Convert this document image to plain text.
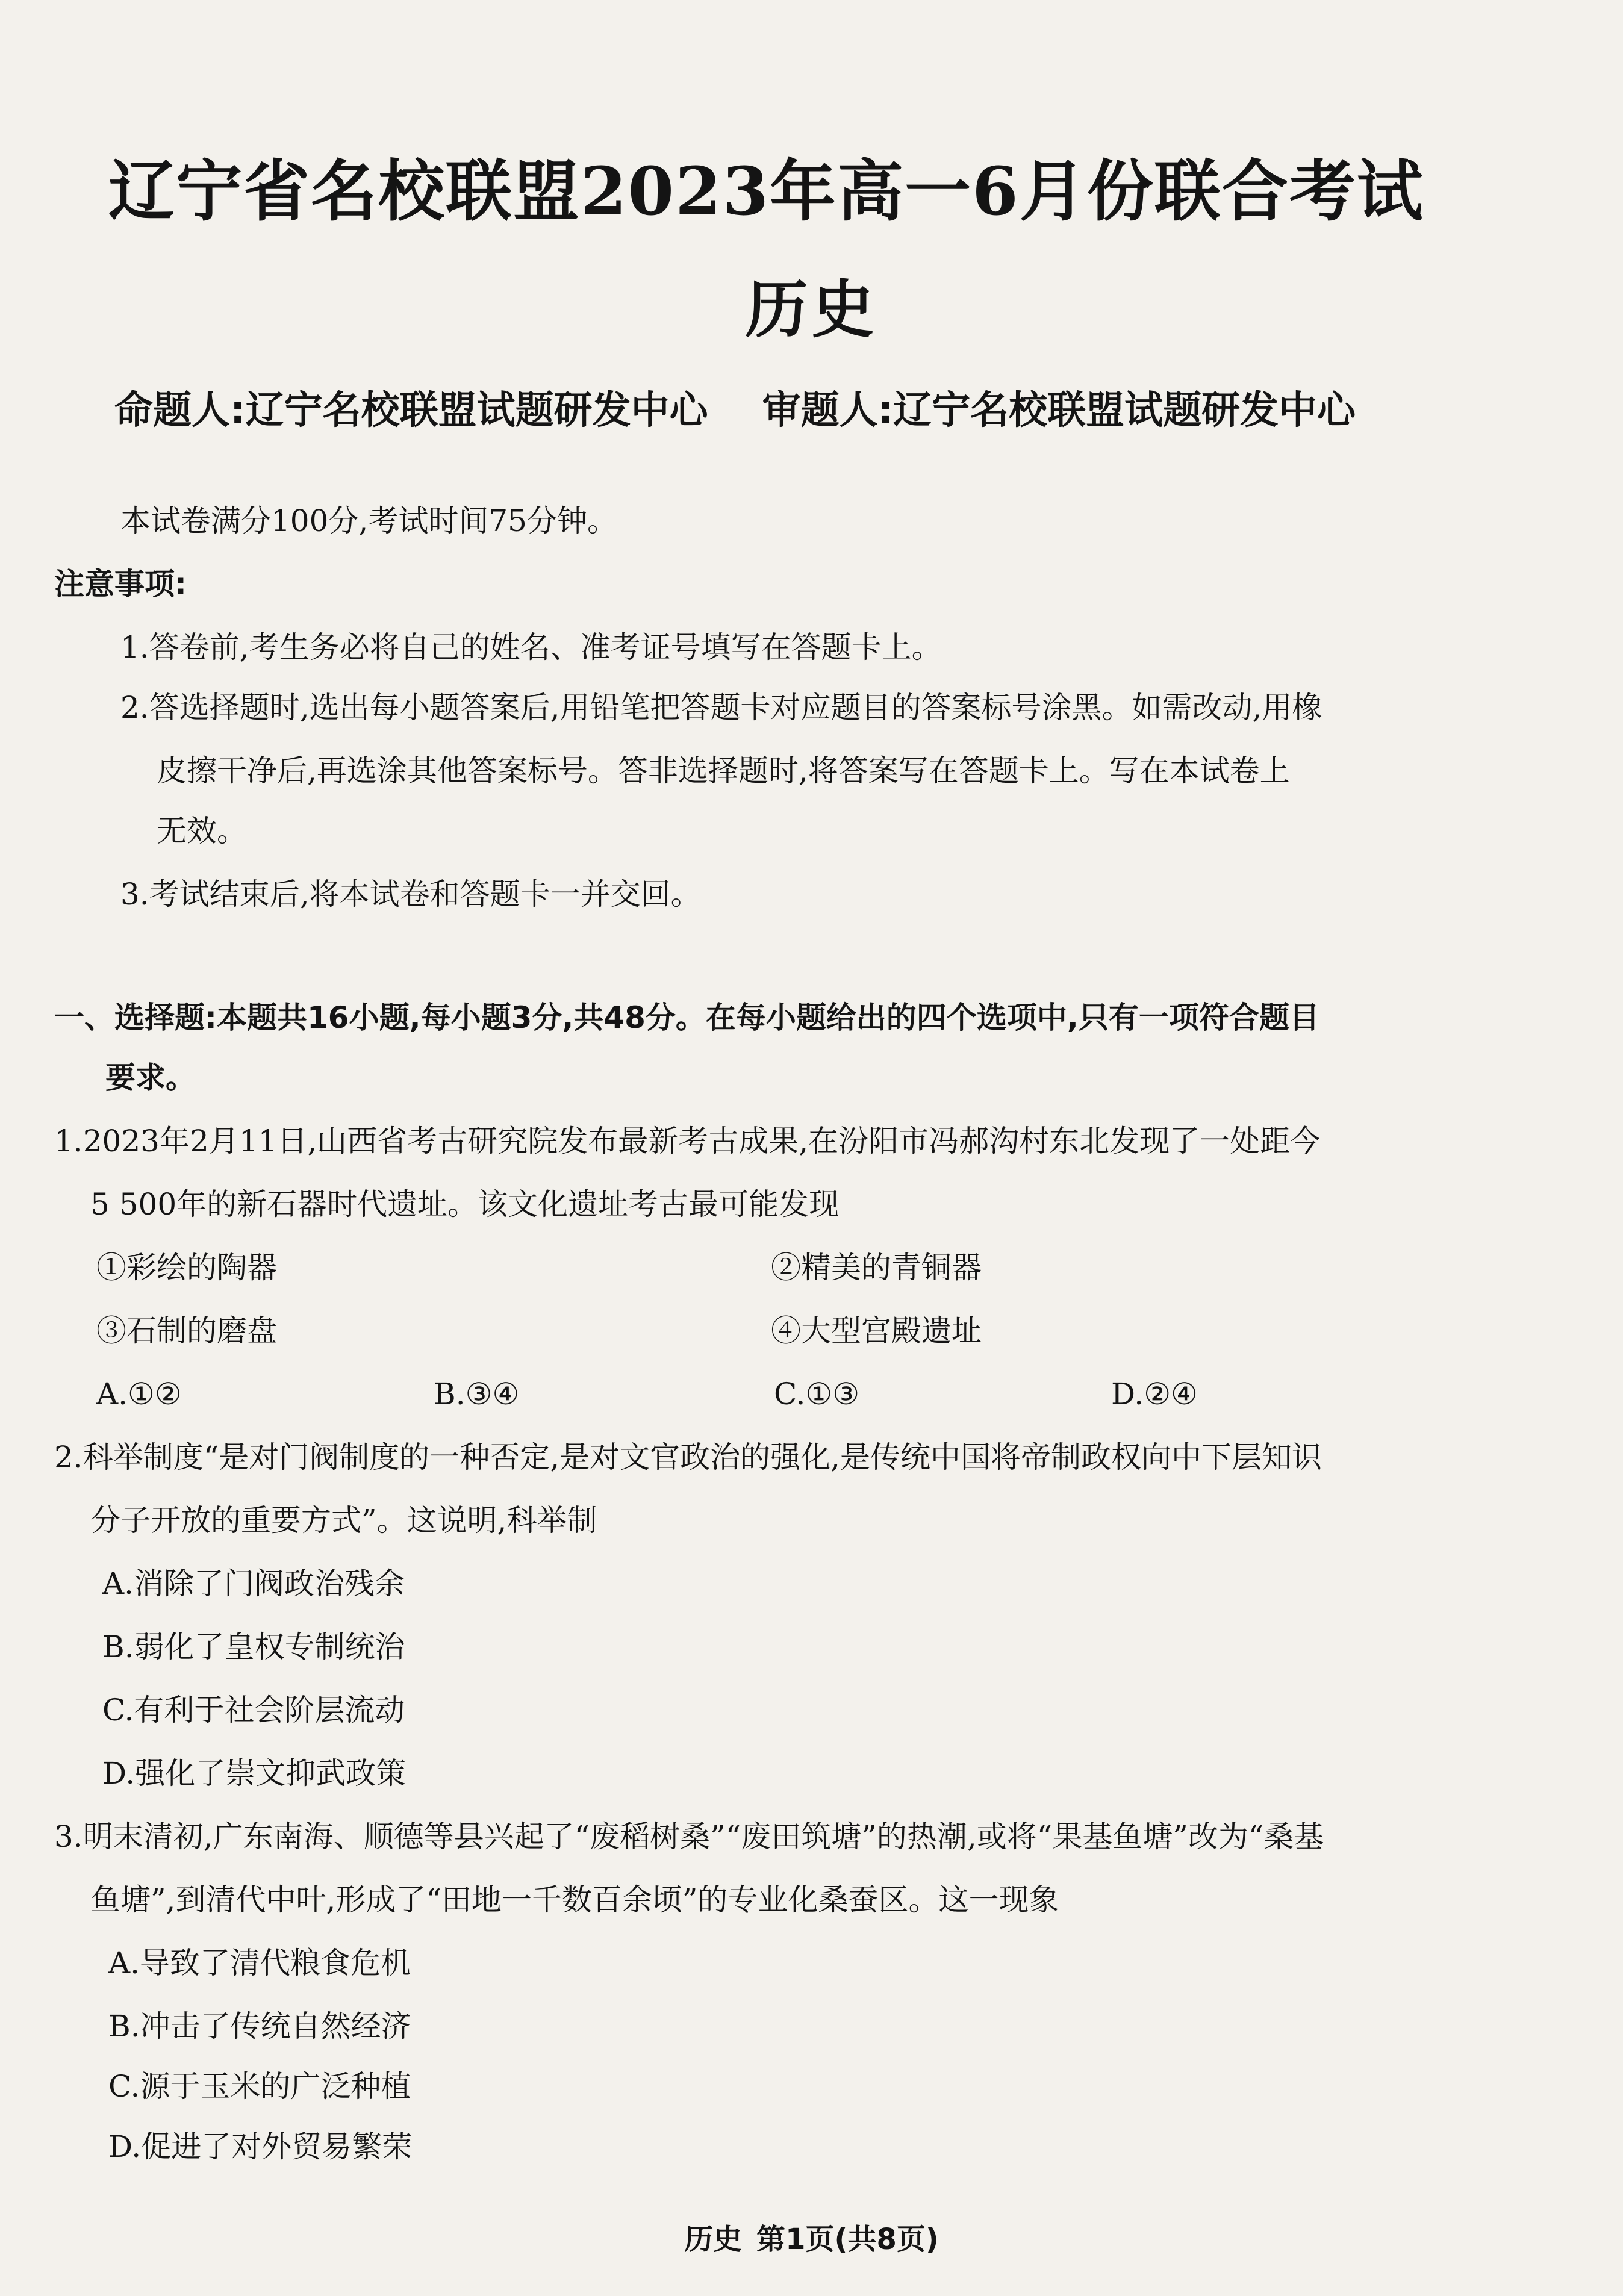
辽宁省名校联盟2023年高一6月份联合考试
历史
命题人:辽宁名校联盟试题研发中心 审题人:辽宁名校联盟试题研发中心
本试卷满分100分,考试时间75分钟。
注意事项:
1.答卷前,考生务必将自己的姓名、准考证号填写在答题卡上。
2.答选择题时,选出每小题答案后,用铅笔把答题卡对应题目的答案标号涂黑。如需改动,用橡
皮擦干净后,再选涂其他答案标号。答非选择题时,将答案写在答题卡上。写在本试卷上
无效。
3.考试结束后,将本试卷和答题卡一并交回。
一、选择题:本题共16小题,每小题3分,共48分。在每小题给出的四个选项中,只有一项符合题目
要求。
1.2023年2月11日,山西省考古研究院发布最新考古成果,在汾阳市冯郝沟村东北发现了一处距今
5 500年的新石器时代遗址。该文化遗址考古最可能发现
①彩绘的陶器	②精美的青铜器
③石制的磨盘	④大型宫殿遗址
A.①②	B.③④	C.①③	D.②④
2.科举制度“是对门阀制度的一种否定,是对文官政治的强化,是传统中国将帝制政权向中下层知识
分子开放的重要方式”。这说明,科举制
A.消除了门阀政治残余
B.弱化了皇权专制统治
C.有利于社会阶层流动
D.强化了崇文抑武政策
3.明末清初,广东南海、顺德等县兴起了“废稻树桑”“废田筑塘”的热潮,或将“果基鱼塘”改为“桑基
鱼塘”,到清代中叶,形成了“田地一千数百余顷”的专业化桑蚕区。这一现象
A.导致了清代粮食危机
B.冲击了传统自然经济
C.源于玉米的广泛种植
D.促进了对外贸易繁荣
历史 第1页(共8页)
